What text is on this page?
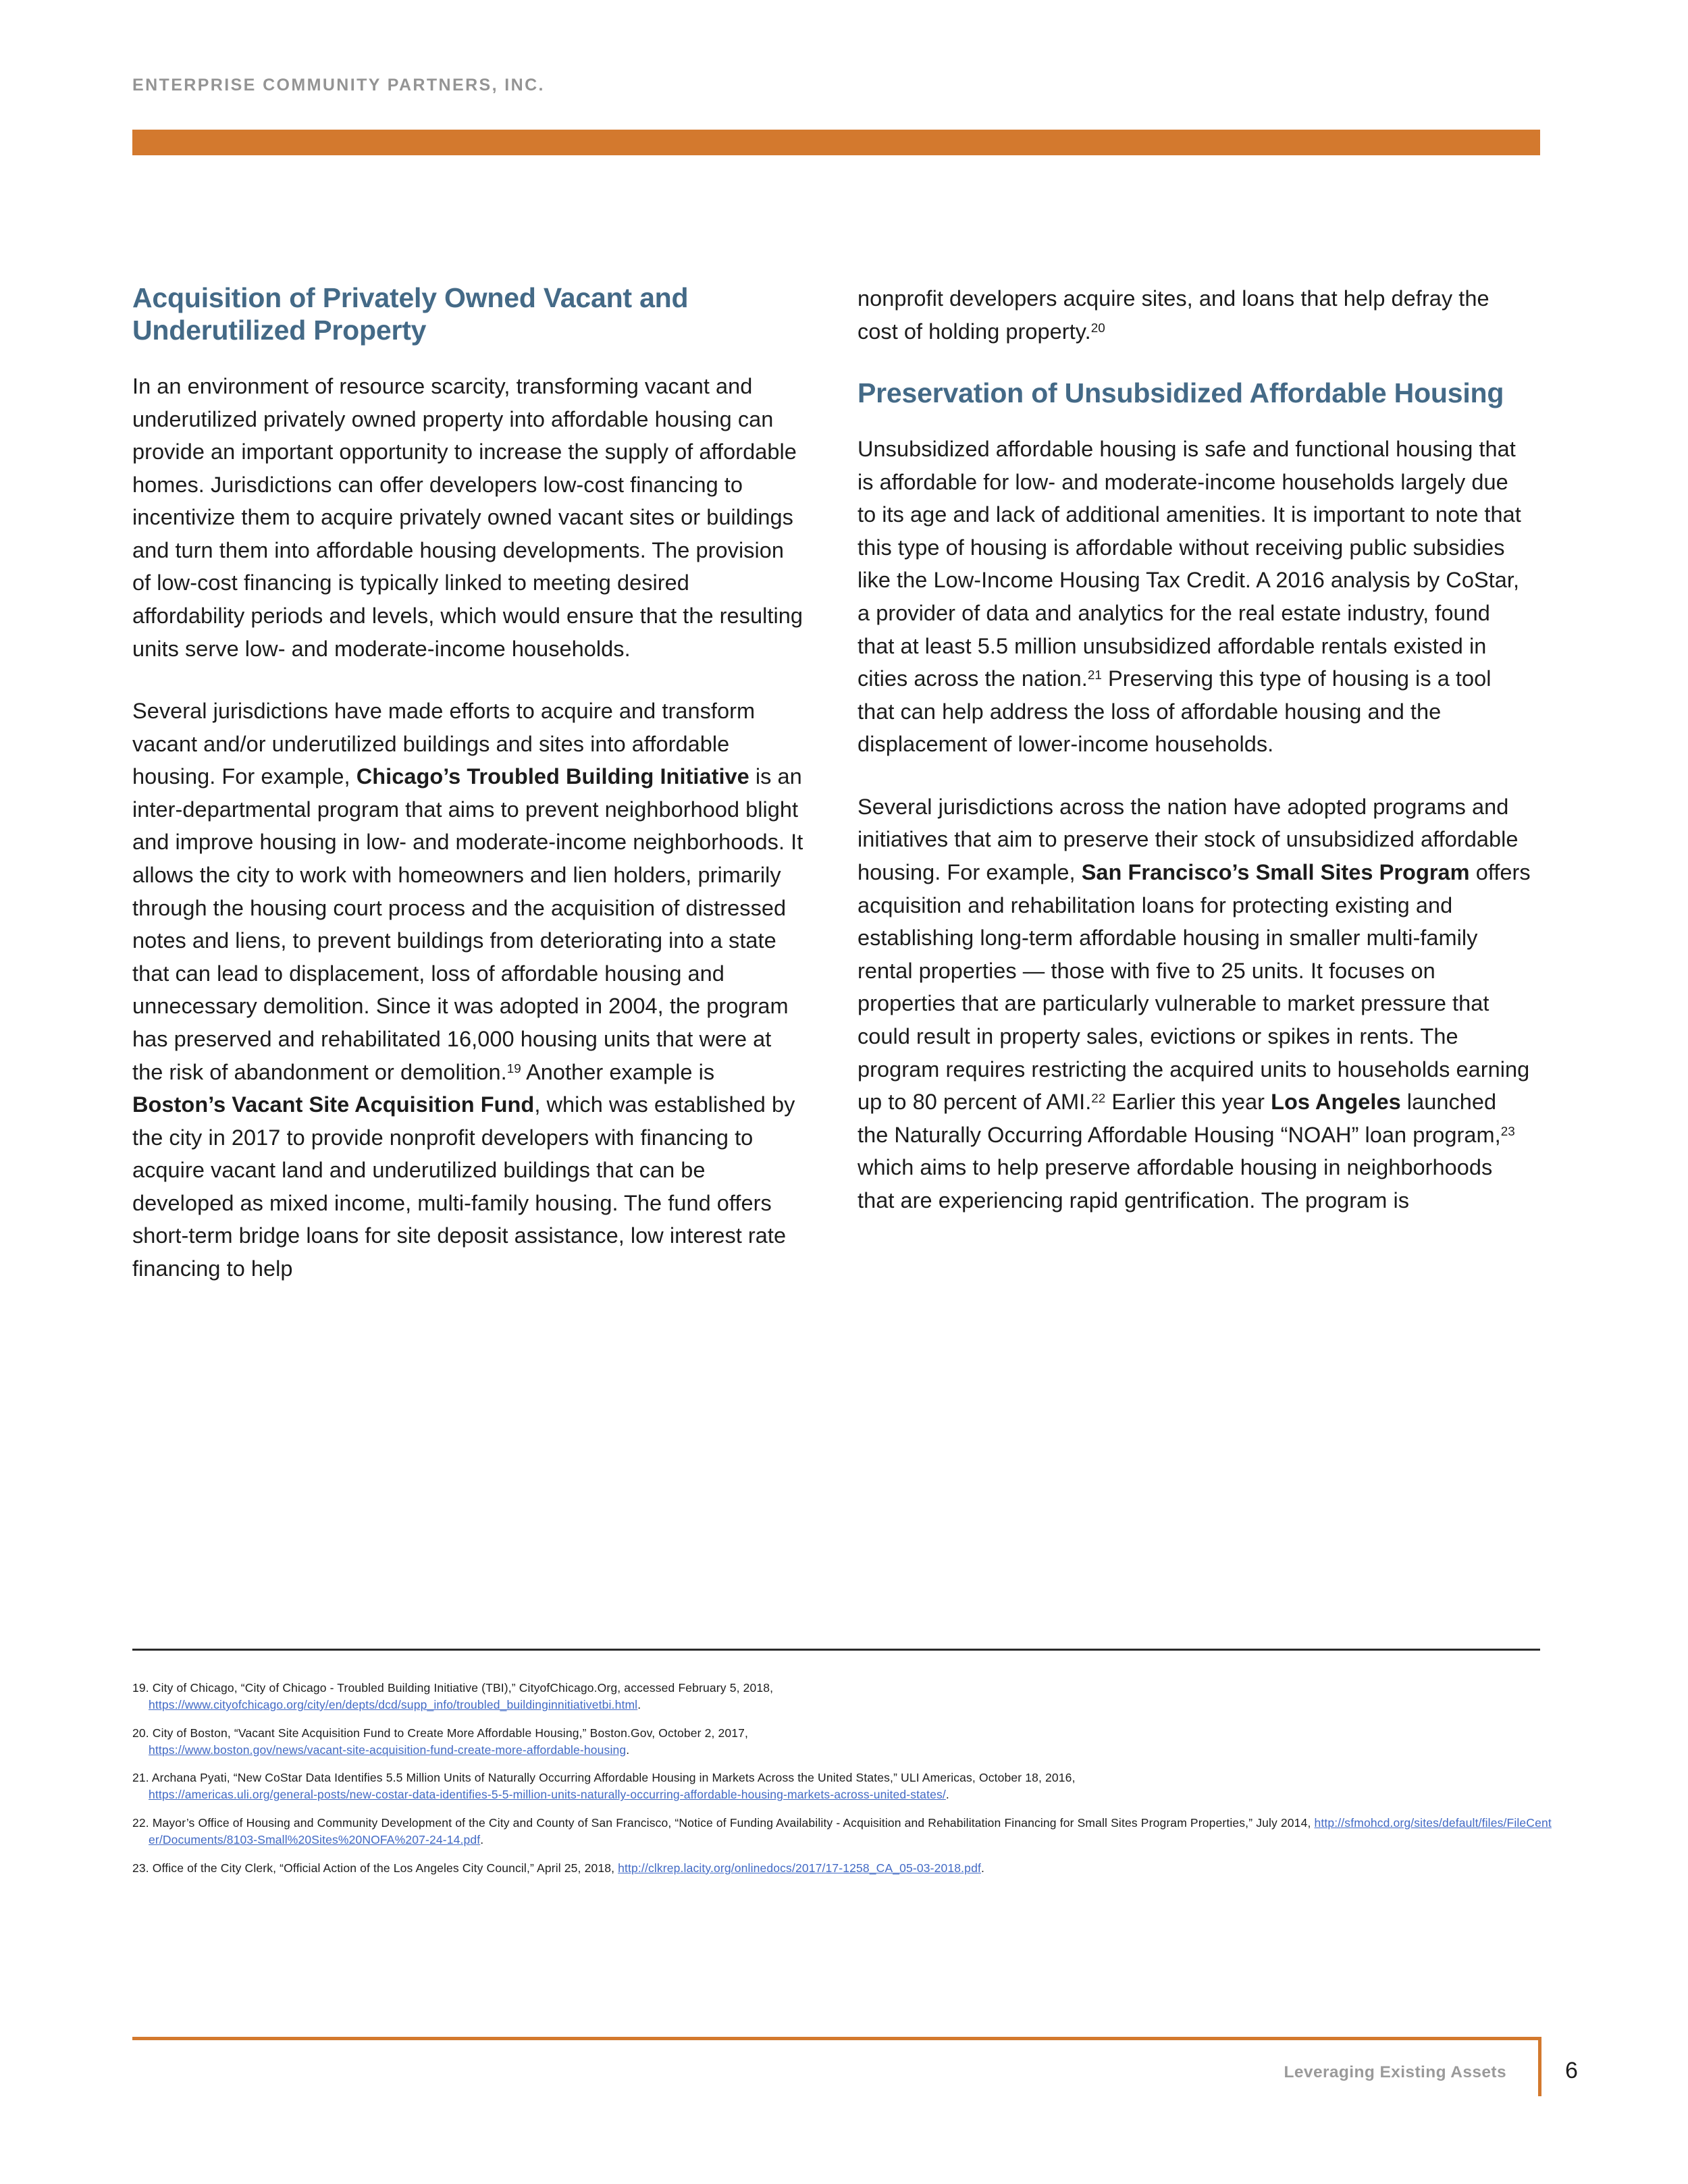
ENTERPRISE COMMUNITY PARTNERS, INC.
Acquisition of Privately Owned Vacant and Underutilized Property

In an environment of resource scarcity, transforming vacant and underutilized privately owned property into affordable housing can provide an important opportunity to increase the supply of affordable homes. Jurisdictions can offer developers low-cost financing to incentivize them to acquire privately owned vacant sites or buildings and turn them into affordable housing developments. The provision of low-cost financing is typically linked to meeting desired affordability periods and levels, which would ensure that the resulting units serve low- and moderate-income households.

Several jurisdictions have made efforts to acquire and transform vacant and/or underutilized buildings and sites into affordable housing. For example, Chicago’s Troubled Building Initiative is an inter-departmental program that aims to prevent neighborhood blight and improve housing in low- and moderate-income neighborhoods. It allows the city to work with homeowners and lien holders, primarily through the housing court process and the acquisition of distressed notes and liens, to prevent buildings from deteriorating into a state that can lead to displacement, loss of affordable housing and unnecessary demolition. Since it was adopted in 2004, the program has preserved and rehabilitated 16,000 housing units that were at the risk of abandonment or demolition.$^{19}$ Another example is Boston’s Vacant Site Acquisition Fund, which was established by the city in 2017 to provide nonprofit developers with financing to acquire vacant land and underutilized buildings that can be developed as mixed income, multi-family housing. The fund offers short-term bridge loans for site deposit assistance, low interest rate financing to help

nonprofit developers acquire sites, and loans that help defray the cost of holding property.$^{20}$

Preservation of Unsubsidized Affordable Housing

Unsubsidized affordable housing is safe and functional housing that is affordable for low- and moderate-income households largely due to its age and lack of additional amenities. It is important to note that this type of housing is affordable without receiving public subsidies like the Low-Income Housing Tax Credit. A 2016 analysis by CoStar, a provider of data and analytics for the real estate industry, found that at least 5.5 million unsubsidized affordable rentals existed in cities across the nation.$^{21}$ Preserving this type of housing is a tool that can help address the loss of affordable housing and the displacement of lower-income households.

Several jurisdictions across the nation have adopted programs and initiatives that aim to preserve their stock of unsubsidized affordable housing. For example, San Francisco’s Small Sites Program offers acquisition and rehabilitation loans for protecting existing and establishing long-term affordable housing in smaller multi-family rental properties — those with five to 25 units. It focuses on properties that are particularly vulnerable to market pressure that could result in property sales, evictions or spikes in rents. The program requires restricting the acquired units to households earning up to 80 percent of AMI.$^{22}$ Earlier this year Los Angeles launched the Naturally Occurring Affordable Housing “NOAH” loan program,$^{23}$ which aims to help preserve affordable housing in neighborhoods that are experiencing rapid gentrification. The program is

19. City of Chicago, “City of Chicago - Troubled Building Initiative (TBI),” CityofChicago.Org, accessed February 5, 2018,
https://www.cityofchicago.org/city/en/depts/dcd/supp_info/troubled_buildinginnitiativetbi.html.
20. City of Boston, “Vacant Site Acquisition Fund to Create More Affordable Housing,” Boston.Gov, October 2, 2017,
https://www.boston.gov/news/vacant-site-acquisition-fund-create-more-affordable-housing.
21. Archana Pyati, “New CoStar Data Identifies 5.5 Million Units of Naturally Occurring Affordable Housing in Markets Across the United States,” ULI Americas, October 18, 2016,
https://americas.uli.org/general-posts/new-costar-data-identifies-5-5-million-units-naturally-occurring-affordable-housing-markets-across-united-states/.
22. Mayor’s Office of Housing and Community Development of the City and County of San Francisco, “Notice of Funding Availability - Acquisition and Rehabilitation Financing for Small Sites Program Properties,” July 2014, http://sfmohcd.org/sites/default/files/FileCenter/Documents/8103-Small%20Sites%20NOFA%207-24-14.pdf.
23. Office of the City Clerk, “Official Action of the Los Angeles City Council,” April 25, 2018, http://clkrep.lacity.org/onlinedocs/2017/17-1258_CA_05-03-2018.pdf.
Leveraging Existing Assets	6
